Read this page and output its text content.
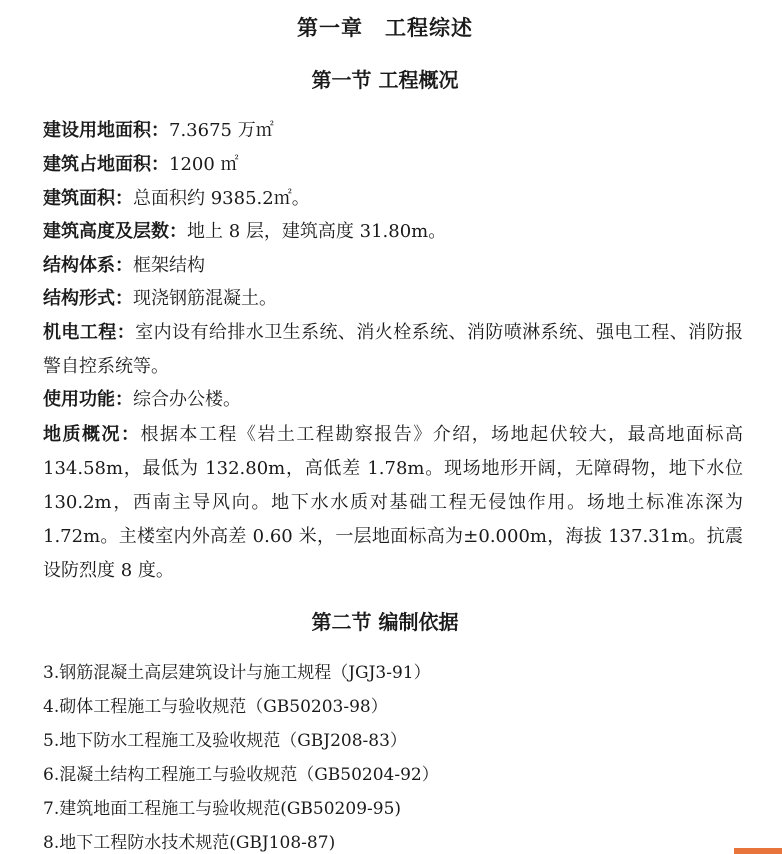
第一章　工程综述
第一节 工程概况
建设用地面积：7.3675 万㎡
建筑占地面积：1200 ㎡
建筑面积：总面积约 9385.2㎡。
建筑高度及层数：地上 8 层，建筑高度 31.80m。
结构体系：框架结构
结构形式：现浇钢筋混凝土。
机电工程：室内设有给排水卫生系统、消火栓系统、消防喷淋系统、强电工程、消防报警自控系统等。
使用功能：综合办公楼。
地质概况：根据本工程《岩土工程勘察报告》介绍，场地起伏较大，最高地面标高 134.58m，最低为 132.80m，高低差 1.78m。现场地形开阔，无障碍物，地下水位 130.2m，西南主导风向。地下水水质对基础工程无侵蚀作用。场地土标准冻深为 1.72m。主楼室内外高差 0.60 米，一层地面标高为±0.000m，海拔 137.31m。抗震设防烈度 8 度。
第二节 编制依据
3.钢筋混凝土高层建筑设计与施工规程（JGJ3-91）
4.砌体工程施工与验收规范（GB50203-98）
5.地下防水工程施工及验收规范（GBJ208-83）
6.混凝土结构工程施工与验收规范（GB50204-92）
7.建筑地面工程施工与验收规范(GB50209-95)
8.地下工程防水技术规范(GBJ108-87)
